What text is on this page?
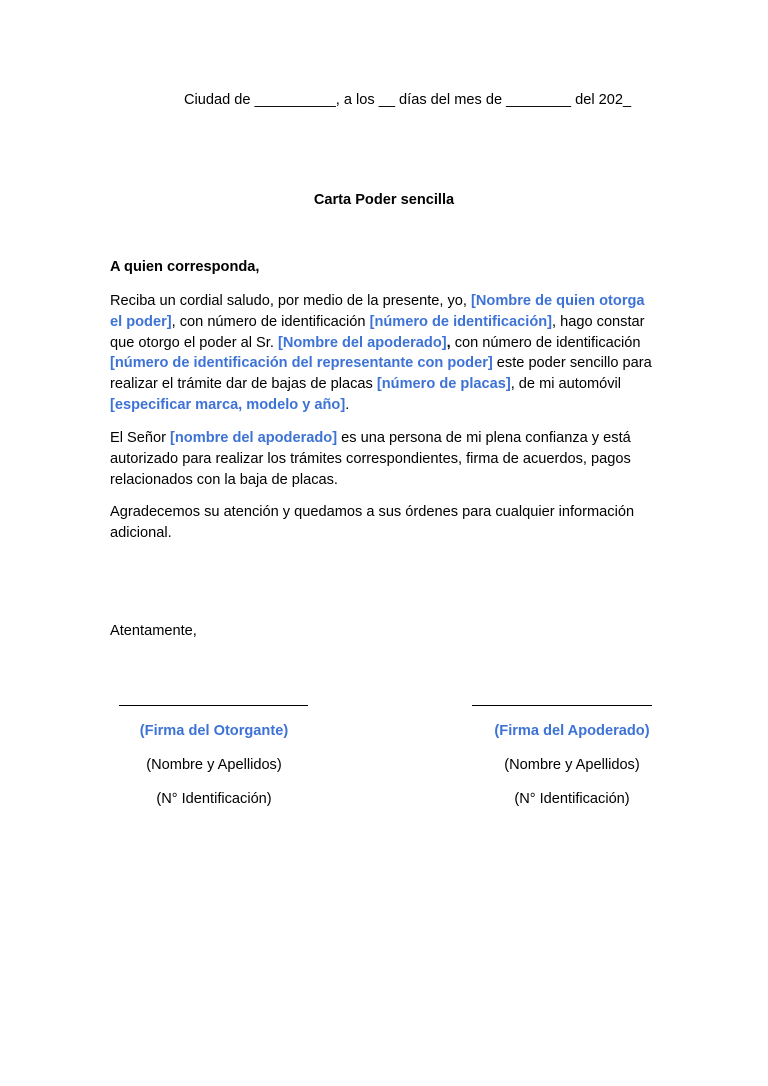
Ciudad de __________, a los __ días del mes de ________ del 202_
Carta Poder sencilla
A quien corresponda,
Reciba un cordial saludo, por medio de la presente, yo, [Nombre de quien otorga el poder], con número de identificación [número de identificación], hago constar que otorgo el poder al Sr. [Nombre del apoderado], con número de identificación [número de identificación del representante con poder] este poder sencillo para realizar el trámite dar de bajas de placas [número de placas], de mi automóvil [especificar marca, modelo y año].
El Señor [nombre del apoderado] es una persona de mi plena confianza y está autorizado para realizar los trámites correspondientes, firma de acuerdos, pagos relacionados con la baja de placas.
Agradecemos su atención y quedamos a sus órdenes para cualquier información adicional.
Atentamente,
(Firma del Otorgante)
(Nombre y Apellidos)
(N° Identificación)
(Firma del Apoderado)
(Nombre y Apellidos)
(N° Identificación)
